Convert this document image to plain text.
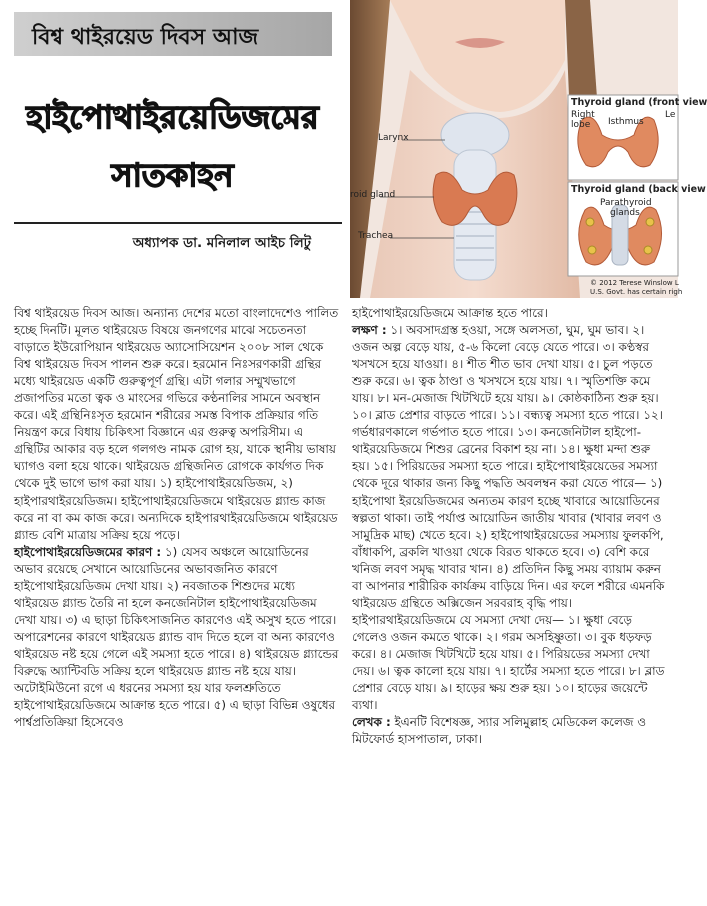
বিশ্ব থাইরয়েড দিবস আজ
হাইপোথাইরয়েডিজমের
সাতকাহন
অধ্যাপক ডা. মনিলাল আইচ লিটু
Larynx
roid gland
Trachea
Thyroid gland (front view
Right
lobe Isthmus
Le
Thyroid gland (back view
Parathyroid
glands
© 2012 Terese Winslow L
U.S. Govt. has certain righ

বিশ্ব থাইরয়েড দিবস আজ। অন্যান্য দেশের মতো বাংলাদেশেও পালিত হচ্ছে দিনটি। মূলত থাইরয়েড বিষয়ে জনগণের মাঝে সচেতনতা বাড়াতে ইউরোপিয়ান থাইরয়েড অ্যাসোসিয়েশন ২০০৮ সাল থেকে বিশ্ব থাইরয়েড দিবস পালন শুরু করে। হরমোন নিঃসরণকারী গ্রন্থির মধ্যে থাইরয়েড একটি গুরুত্বপূর্ণ গ্রন্থি। এটা গলার সম্মুখভাগে প্রজাপতির মতো ত্বক ও মাংসের গভিরে কণ্ঠনালির সামনে অবস্থান করে। এই গ্রন্থিনিঃসৃত হরমোন শরীরের সমস্ত বিপাক প্রক্রিয়ার গতি নিয়ন্ত্রণ করে বিধায় চিকিৎসা বিজ্ঞানে এর গুরুত্ব অপরিসীম। এ গ্রন্থিটির আকার বড় হলে গলগণ্ড নামক রোগ হয়, যাকে স্থানীয় ভাষায় ঘ্যাগও বলা হয়ে থাকে। থাইরয়েড গ্রন্থিজনিত রোগকে কার্যগত দিক থেকে দুই ভাগে ভাগ করা যায়। ১) হাইপোথাইরয়েডিজম, ২) হাইপারথাইরয়েডিজম। হাইপোথাইরয়েডিজমে থাইরয়েড গ্ল্যান্ড কাজ করে না বা কম কাজ করে। অন্যদিকে হাইপারথাইরয়েডিজমে থাইরয়েড গ্ল্যান্ড বেশি মাত্রায় সক্রিয় হয়ে পড়ে।

হাইপোথাইরয়েডিজমের কারণ : ১) যেসব অঞ্চলে আয়োডিনের অভাব রয়েছে সেখানে আয়োডিনের অভাবজনিত কারণে হাইপোথাইরয়েডিজম দেখা যায়। ২) নবজাতক শিশুদের মধ্যে থাইরয়েড গ্ল্যান্ড তৈরি না হলে কনজেনিটাল হাইপোথাইরয়েডিজম দেখা যায়। ৩) এ ছাড়া চিকিৎসাজনিত কারণেও এই অসুখ হতে পারে। অপারেশনের কারণে থাইরয়েড গ্ল্যান্ড বাদ দিতে হলে বা অন্য কারণেও থাইরয়েড নষ্ট হয়ে গেলে এই সমস্যা হতে পারে। ৪) থাইরয়েড গ্ল্যান্ডের বিরুদ্ধে অ্যান্টিবডি সক্রিয় হলে থাইরয়েড গ্ল্যান্ড নষ্ট হয়ে যায়। অটোইমিউনো রগে এ ধরনের সমস্যা হয় যার ফলশ্রুতিতে হাইপোথাইরয়েডিজমে আক্রান্ত হতে পারে। ৫) এ ছাড়া বিভিন্ন ওষুধের পার্শ্বপ্রতিক্রিয়া হিসেবেও

হাইপোথাইরয়েডিজমে আক্রান্ত হতে পারে।

লক্ষণ : ১। অবসাদগ্রস্ত হওয়া, সঙ্গে অলসতা, ঘুম, ঘুম ভাব। ২। ওজন অল্প বেড়ে যায়, ৫-৬ কিলো বেড়ে যেতে পারে। ৩। কণ্ঠস্বর খসখসে হয়ে যাওয়া। ৪। শীত শীত ভাব দেখা যায়। ৫। চুল পড়তে শুরু করে। ৬। ত্বক ঠাণ্ডা ও খসখসে হয়ে যায়। ৭। স্মৃতিশক্তি কমে যায়। ৮। মন-মেজাজ খিটখিটে হয়ে যায়। ৯। কোষ্ঠকাঠিন্য শুরু হয়। ১০। ব্লাড প্রেশার বাড়তে পারে। ১১। বন্ধ্যত্ব সমস্যা হতে পারে। ১২। গর্ভধারণকালে গর্ভপাত হতে পারে। ১৩। কনজেনিটাল হাইপো-থাইরয়েডিজমে শিশুর ব্রেনের বিকাশ হয় না। ১৪। ক্ষুধা মন্দা শুরু হয়। ১৫। পিরিয়ডের সমস্যা হতে পারে। হাইপোথাইরয়েডের সমস্যা থেকে দূরে থাকার জন্য কিছু পদ্ধতি অবলম্বন করা যেতে পারে— ১) হাইপোথা ইরয়েডিজমের অন্যতম কারণ হচ্ছে খাবারে আয়োডিনের স্বল্পতা থাকা। তাই পর্যাপ্ত আয়োডিন জাতীয় খাবার (খাবার লবণ ও সামুদ্রিক মাছ) খেতে হবে। ২) হাইপোথাইরয়েডের সমস্যায় ফুলকপি, বাঁধাকপি, ব্রকলি খাওয়া থেকে বিরত থাকতে হবে। ৩) বেশি করে খনিজ লবণ সমৃদ্ধ খাবার খান। ৪) প্রতিদিন কিছু সময় ব্যায়াম করুন বা আপনার শারীরিক কার্যক্রম বাড়িয়ে দিন। এর ফলে শরীরে এমনকি থাইরয়েড গ্রন্থিতে অক্সিজেন সরবরাহ বৃদ্ধি পায়। হাইপারথাইরয়েডিজমে যে সমস্যা দেখা দেয়— ১। ক্ষুধা বেড়ে গেলেও ওজন কমতে থাকে। ২। গরম অসহিষ্ণুতা। ৩। বুক ধড়ফড় করে। ৪। মেজাজ খিটখিটে হয়ে যায়। ৫। পিরিয়ডের সমস্যা দেখা দেয়। ৬। ত্বক কালো হয়ে যায়। ৭। হার্টের সমস্যা হতে পারে। ৮। ব্লাড প্রেশার বেড়ে যায়। ৯। হাড়ের ক্ষয় শুরু হয়। ১০। হাড়ের জয়েন্টে ব্যথা।

লেখক : ইএনটি বিশেষজ্ঞ, স্যার সলিমুল্লাহ মেডিকেল কলেজ ও মিটফোর্ড হাসপাতাল, ঢাকা।
